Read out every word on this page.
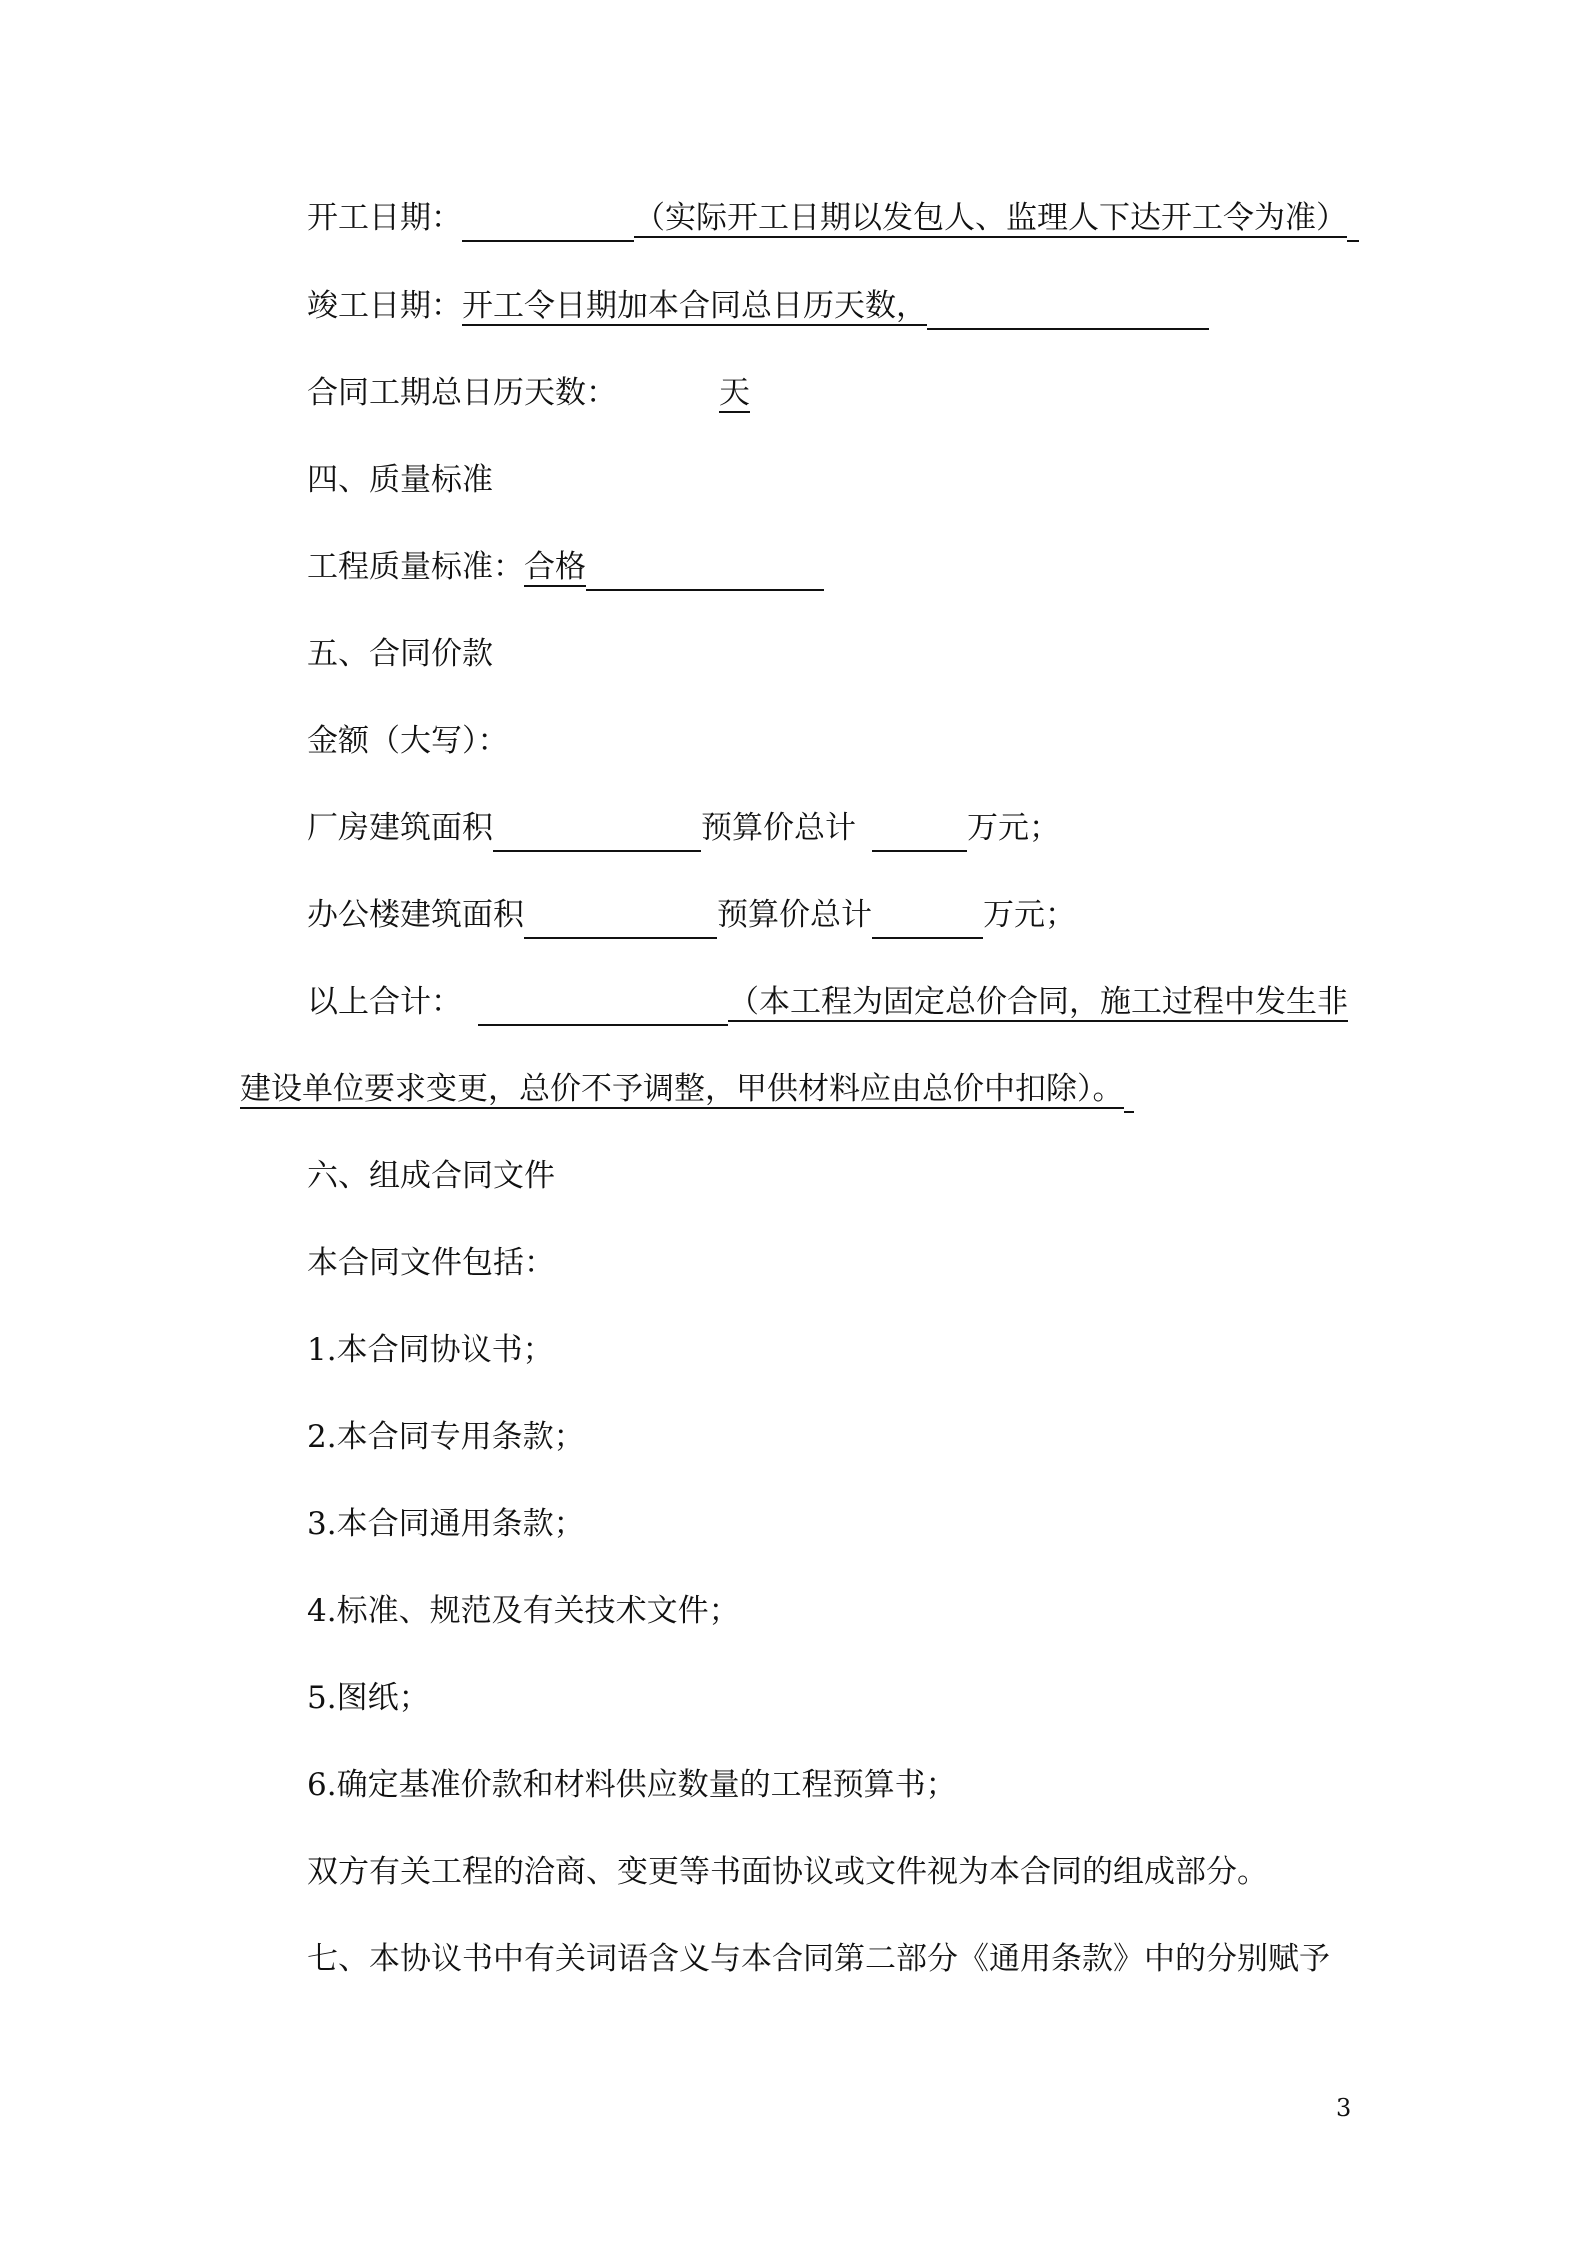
开工日期：	（实际开工日期以发包人、监理人下达开工令为准）
竣工日期：开工令日期加本合同总日历天数，
合同工期总日历天数：	天
四、质量标准
工程质量标准：合格
五、合同价款
金额（大写）：
厂房建筑面积	预算价总计	万元；
办公楼建筑面积	预算价总计	万元；
以上合计：	（本工程为固定总价合同，施工过程中发生非
建设单位要求变更，总价不予调整，甲供材料应由总价中扣除）。
六、组成合同文件
本合同文件包括：
1.本合同协议书；
2.本合同专用条款；
3.本合同通用条款；
4.标准、规范及有关技术文件；
5.图纸；
6.确定基准价款和材料供应数量的工程预算书；
双方有关工程的洽商、变更等书面协议或文件视为本合同的组成部分。
七、本协议书中有关词语含义与本合同第二部分《通用条款》中的分别赋予
3
